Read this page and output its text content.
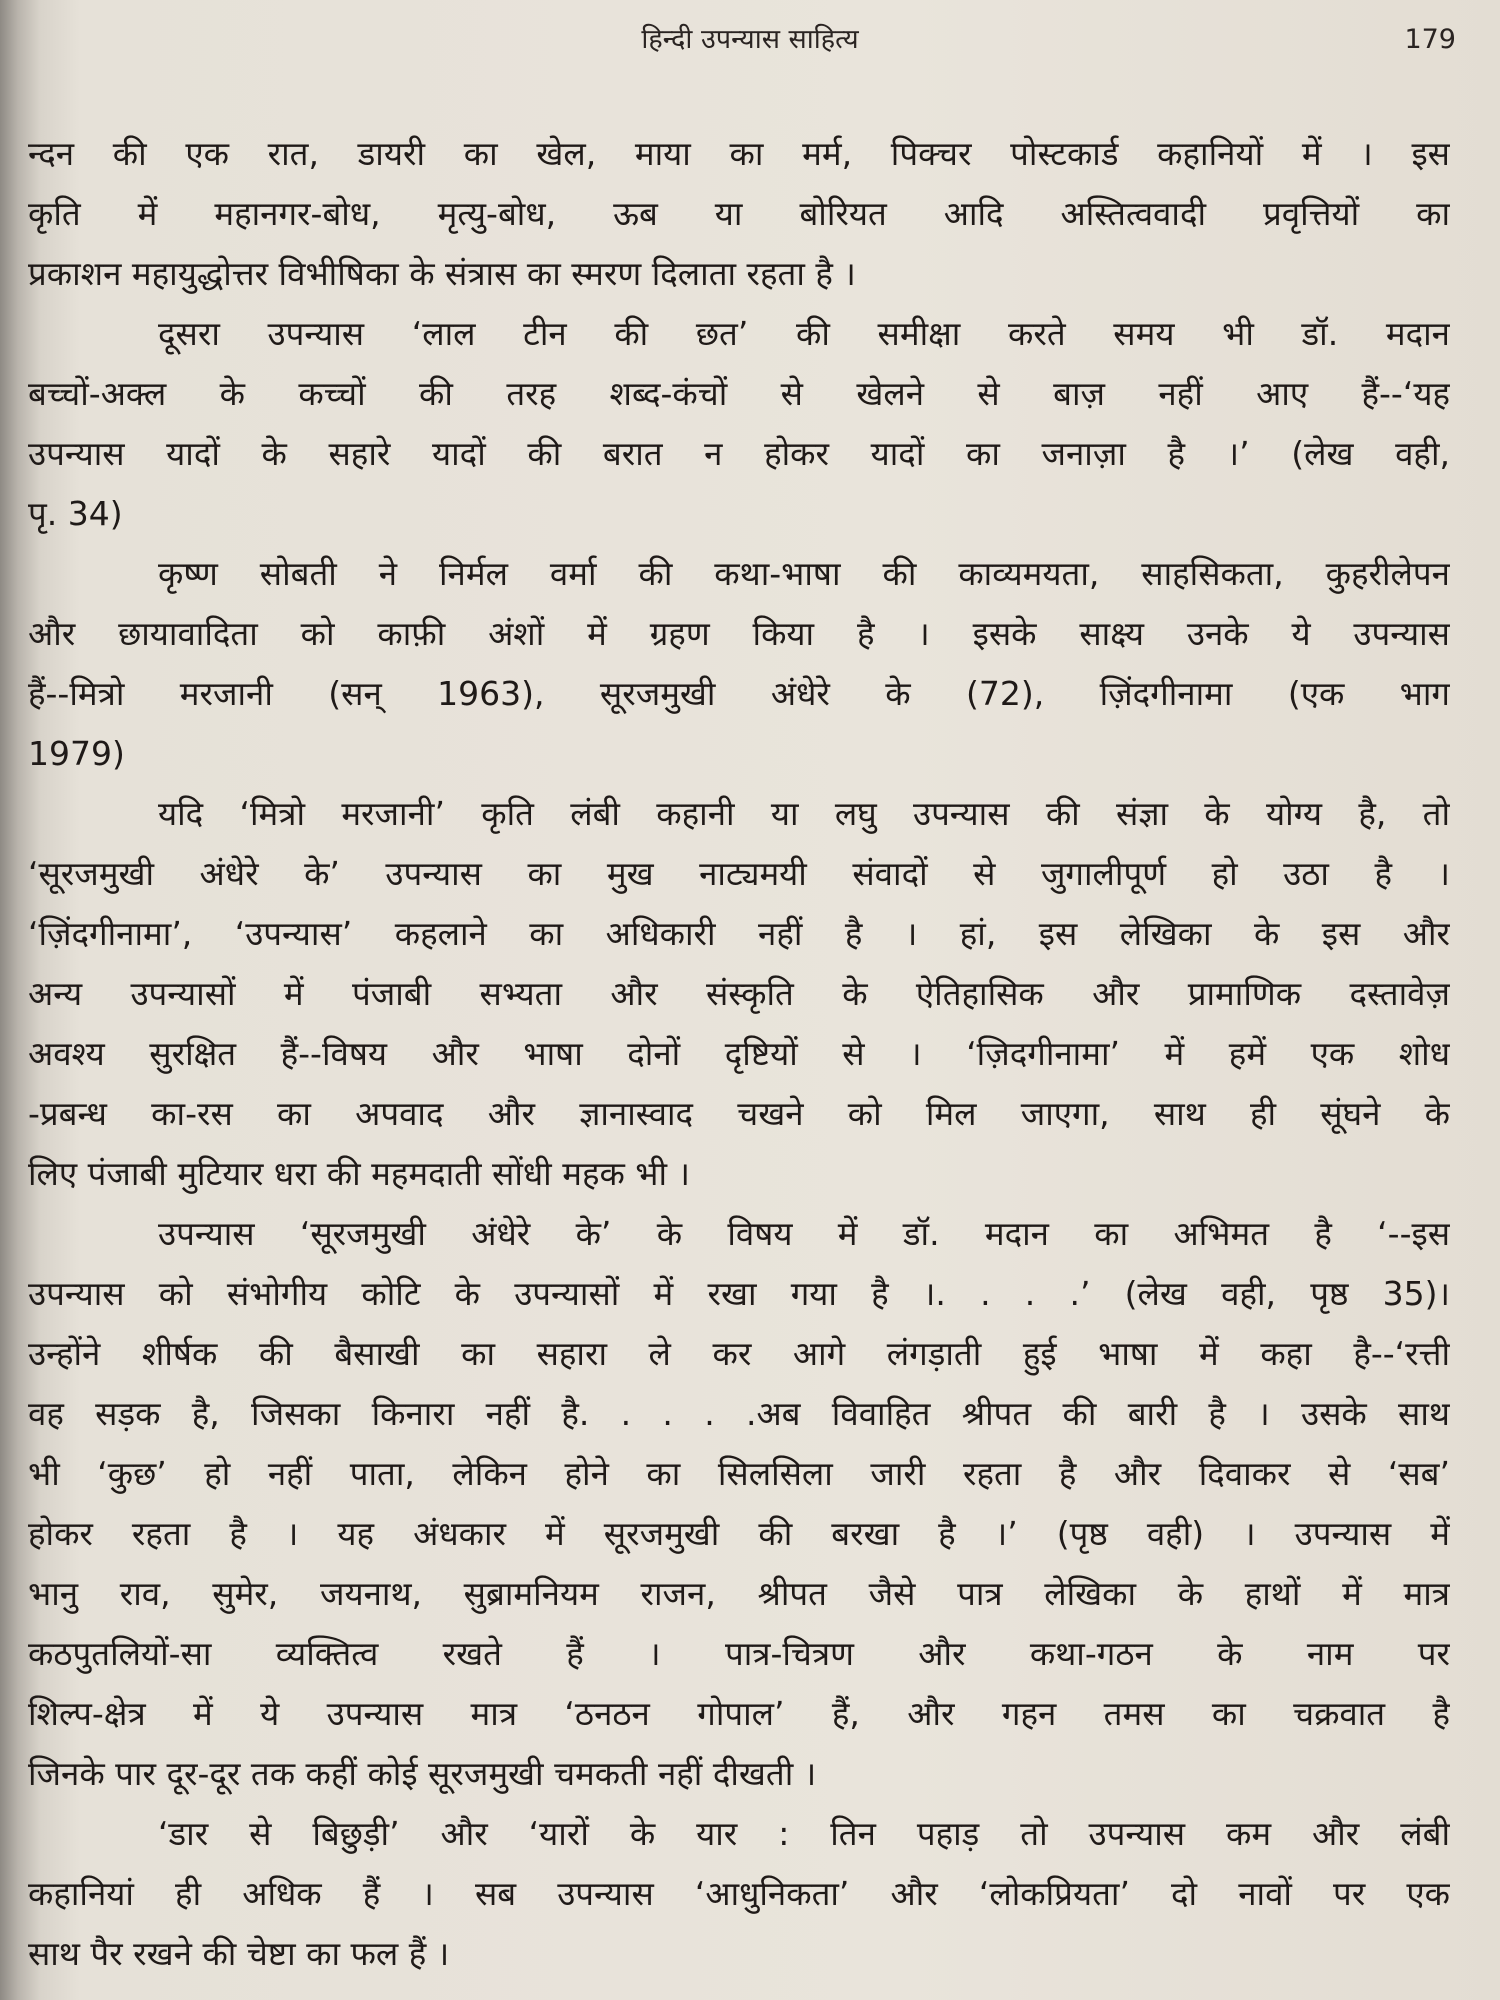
हिन्दी उपन्यास साहित्य	179
न्दन की एक रात, डायरी का खेल, माया का मर्म, पिक्चर पोस्टकार्ड कहानियों में । इस
कृति में महानगर-बोध, मृत्यु-बोध, ऊब या बोरियत आदि अस्तित्ववादी प्रवृत्तियों का
प्रकाशन महायुद्धोत्तर विभीषिका के संत्रास का स्मरण दिलाता रहता है ।
दूसरा उपन्यास ‘लाल टीन की छत’ की समीक्षा करते समय भी डॉ. मदान
बच्चों-अक्ल के कच्चों की तरह शब्द-कंचों से खेलने से बाज़ नहीं आए हैं--‘यह
उपन्यास यादों के सहारे यादों की बरात न होकर यादों का जनाज़ा है ।’ (लेख वही,
पृ. 34)
कृष्ण सोबती ने निर्मल वर्मा की कथा-भाषा की काव्यमयता, साहसिकता, कुहरीलेपन
और छायावादिता को काफ़ी अंशों में ग्रहण किया है । इसके साक्ष्य उनके ये उपन्यास
हैं--मित्रो मरजानी (सन् 1963), सूरजमुखी अंधेरे के (72), ज़िंदगीनामा (एक भाग
1979)
यदि ‘मित्रो मरजानी’ कृति लंबी कहानी या लघु उपन्यास की संज्ञा के योग्य है, तो
‘सूरजमुखी अंधेरे के’ उपन्यास का मुख नाट्यमयी संवादों से जुगालीपूर्ण हो उठा है ।
‘ज़िंदगीनामा’, ‘उपन्यास’ कहलाने का अधिकारी नहीं है । हां, इस लेखिका के इस और
अन्य उपन्यासों में पंजाबी सभ्यता और संस्कृति के ऐतिहासिक और प्रामाणिक दस्तावेज़
अवश्य सुरक्षित हैं--विषय और भाषा दोनों दृष्टियों से । ‘ज़िदगीनामा’ में हमें एक शोध
-प्रबन्ध का-रस का अपवाद और ज्ञानास्वाद चखने को मिल जाएगा, साथ ही सूंघने के
लिए पंजाबी मुटियार धरा की महमदाती सोंधी महक भी ।
उपन्यास ‘सूरजमुखी अंधेरे के’ के विषय में डॉ. मदान का अभिमत है ‘--इस
उपन्यास को संभोगीय कोटि के उपन्यासों में रखा गया है ।. . . .’ (लेख वही, पृष्ठ 35)।
उन्होंने शीर्षक की बैसाखी का सहारा ले कर आगे लंगड़ाती हुई भाषा में कहा है--‘रत्ती
वह सड़क है, जिसका किनारा नहीं है. . . . .अब विवाहित श्रीपत की बारी है । उसके साथ
भी ‘कुछ’ हो नहीं पाता, लेकिन होने का सिलसिला जारी रहता है और दिवाकर से ‘सब’
होकर रहता है । यह अंधकार में सूरजमुखी की बरखा है ।’ (पृष्ठ वही) । उपन्यास में
भानु राव, सुमेर, जयनाथ, सुब्रामनियम राजन, श्रीपत जैसे पात्र लेखिका के हाथों में मात्र
कठपुतलियों-सा व्यक्तित्व रखते हैं । पात्र-चित्रण और कथा-गठन के नाम पर
शिल्प-क्षेत्र में ये उपन्यास मात्र ‘ठनठन गोपाल’ हैं, और गहन तमस का चक्रवात है
जिनके पार दूर-दूर तक कहीं कोई सूरजमुखी चमकती नहीं दीखती ।
‘डार से बिछुड़ी’ और ‘यारों के यार : तिन पहाड़ तो उपन्यास कम और लंबी
कहानियां ही अधिक हैं । सब उपन्यास ‘आधुनिकता’ और ‘लोकप्रियता’ दो नावों पर एक
साथ पैर रखने की चेष्टा का फल हैं ।
